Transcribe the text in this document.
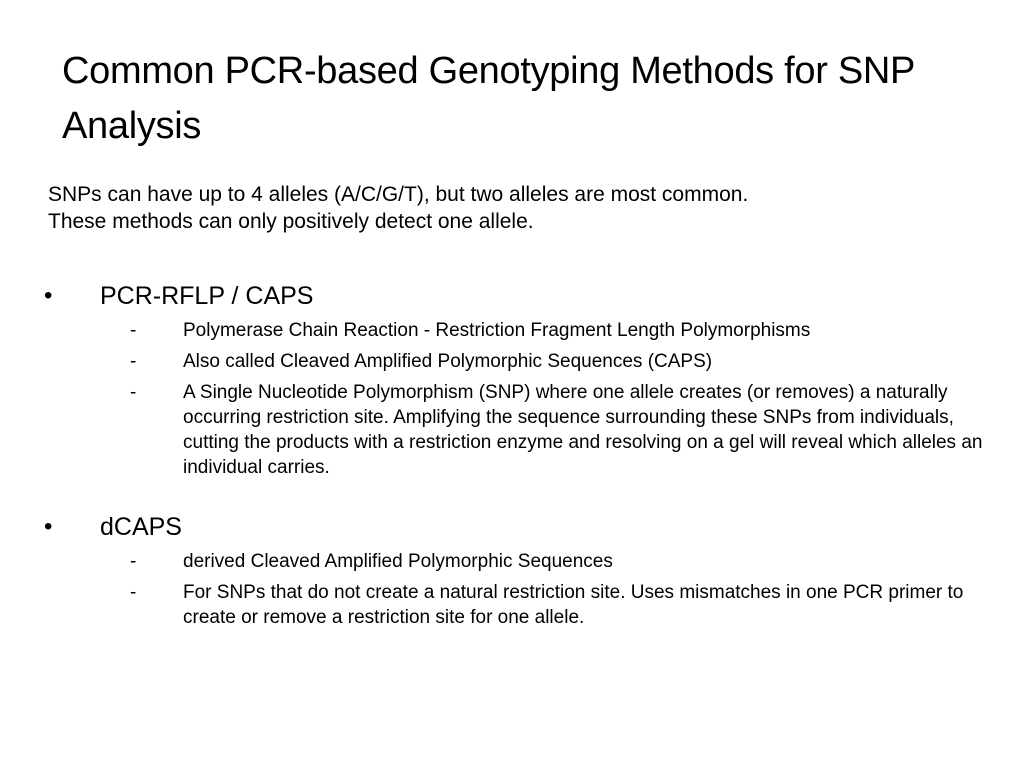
Common PCR-based Genotyping Methods for SNP Analysis
SNPs can have up to 4 alleles (A/C/G/T), but two alleles are most common.
These methods can only positively detect one allele.
• PCR-RFLP / CAPS
- Polymerase Chain Reaction - Restriction Fragment Length Polymorphisms
- Also called Cleaved Amplified Polymorphic Sequences (CAPS)
- A Single Nucleotide Polymorphism (SNP) where one allele creates (or removes) a naturally occurring restriction site. Amplifying the sequence surrounding these SNPs from individuals, cutting the products with a restriction enzyme and resolving on a gel will reveal which alleles an individual carries.
• dCAPS
- derived Cleaved Amplified Polymorphic Sequences
- For SNPs that do not create a natural restriction site. Uses mismatches in one PCR primer to create or remove a restriction site for one allele.
